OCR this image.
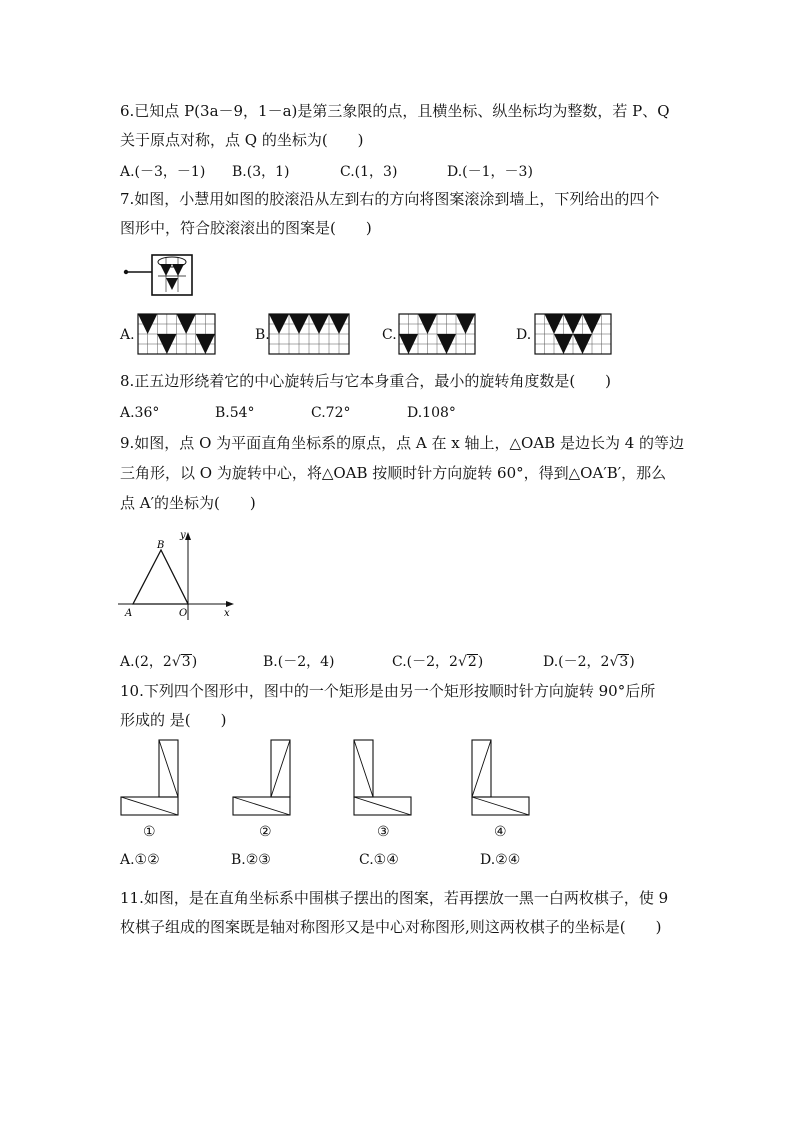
6.已知点 P(3a－9，1－a)是第三象限的点，且横坐标、纵坐标均为整数，若 P、Q
关于原点对称，点 Q 的坐标为(　　)
A.(－3，－1) B.(3，1)	C.(1，3)	D.(－1，－3)
7.如图，小慧用如图的胶滚沿从左到右的方向将图案滚涂到墙上，下列给出的四个
图形中，符合胶滚滚出的图案是(　　)
A.	B.	C.	D.
8.正五边形绕着它的中心旋转后与它本身重合，最小的旋转角度数是(　　)
A.36°	B.54°	C.72°	D.108°
9.如图，点 O 为平面直角坐标系的原点，点 A 在 x 轴上，△OAB 是边长为 4 的等边
三角形，以 O 为旋转中心，将△OAB 按顺时针方向旋转 60°，得到△OA′B′，那么
点 A′的坐标为(　　)
y
x
B
A	O
A.(2，2√3)	B.(－2，4)	C.(－2，2√2)	D.(－2，2√3)
10.下列四个图形中，图中的一个矩形是由另一个矩形按顺时针方向旋转 90°后所
形成的 是(　　)
①	②	③	④
A.①②	B.②③	C.①④	D.②④
11.如图，是在直角坐标系中围棋子摆出的图案，若再摆放一黑一白两枚棋子，使 9
枚棋子组成的图案既是轴对称图形又是中心对称图形,则这两枚棋子的坐标是(　　)
